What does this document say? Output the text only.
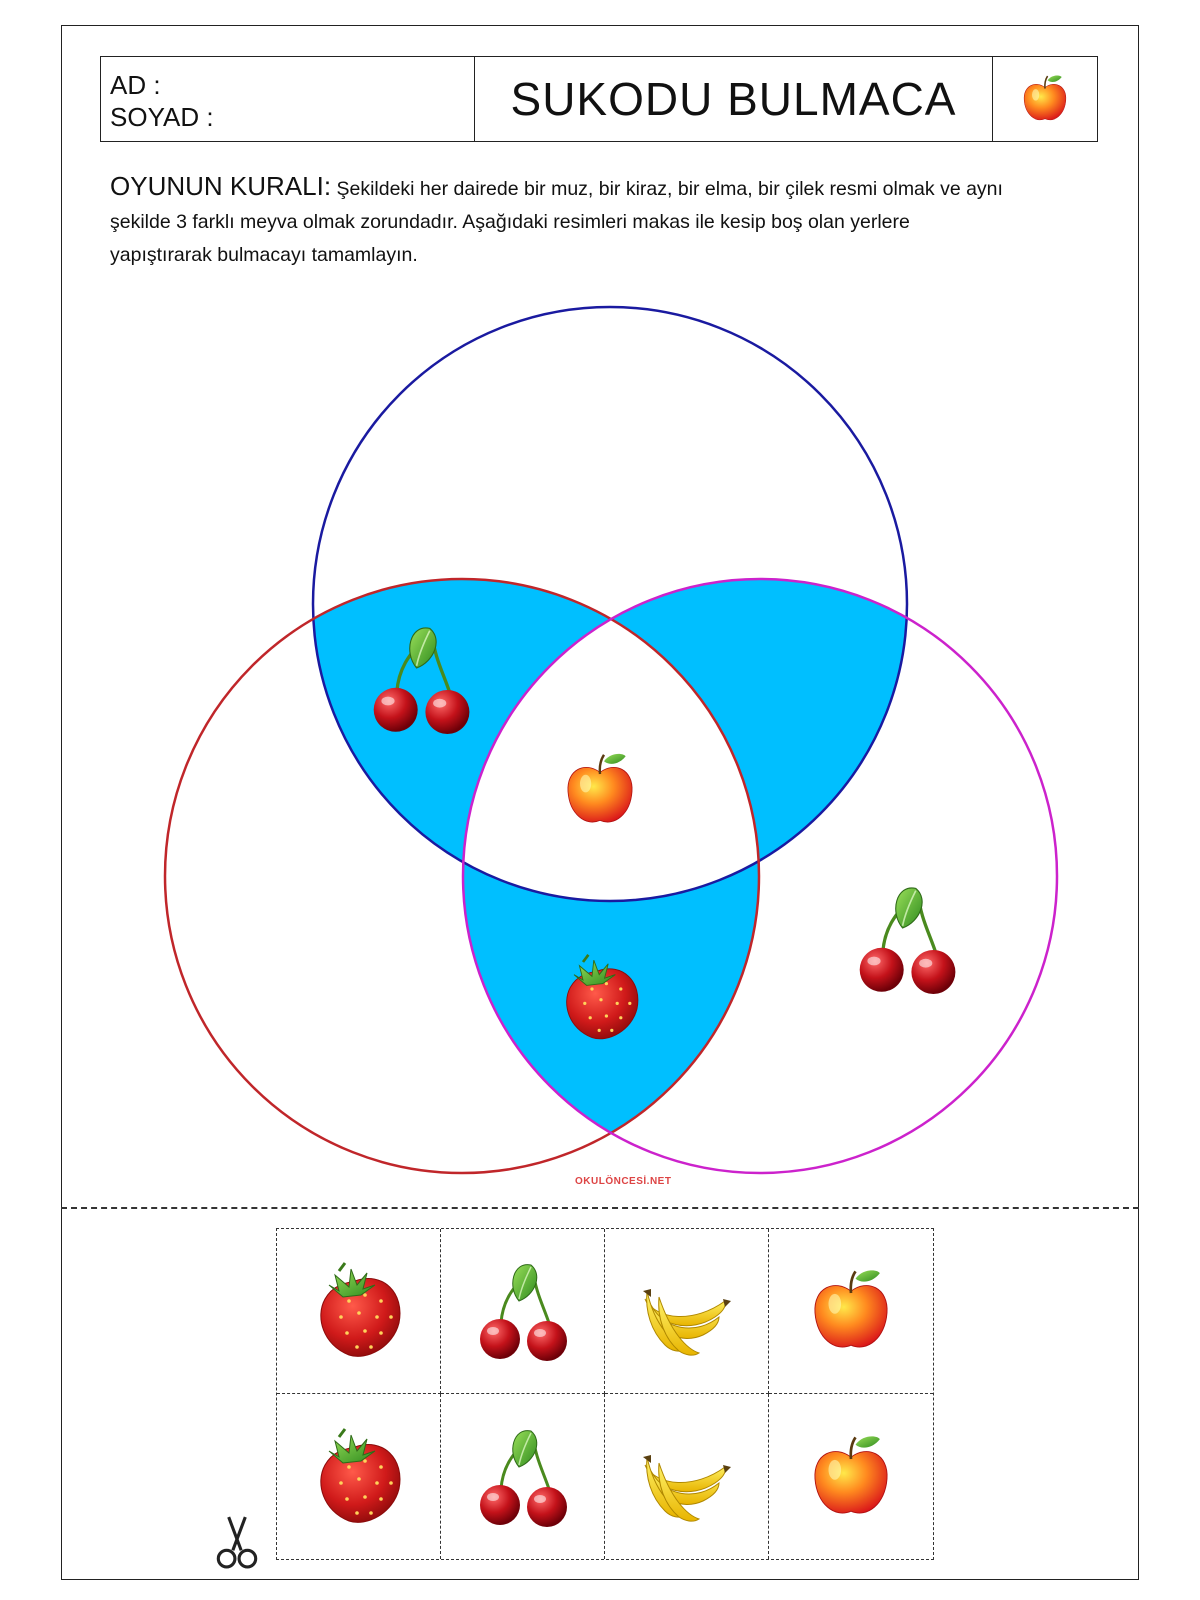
AD :
SOYAD :	SUKODU BULMACA
OYUNUN KURALI: Şekildeki her dairede bir muz, bir kiraz, bir elma, bir çilek resmi olmak ve aynı şekilde 3 farklı meyva olmak zorundadır. Aşağıdaki resimleri makas ile kesip boş olan yerlere yapıştırarak bulmacayı tamamlayın.
OKULÖNCESİ.NET
